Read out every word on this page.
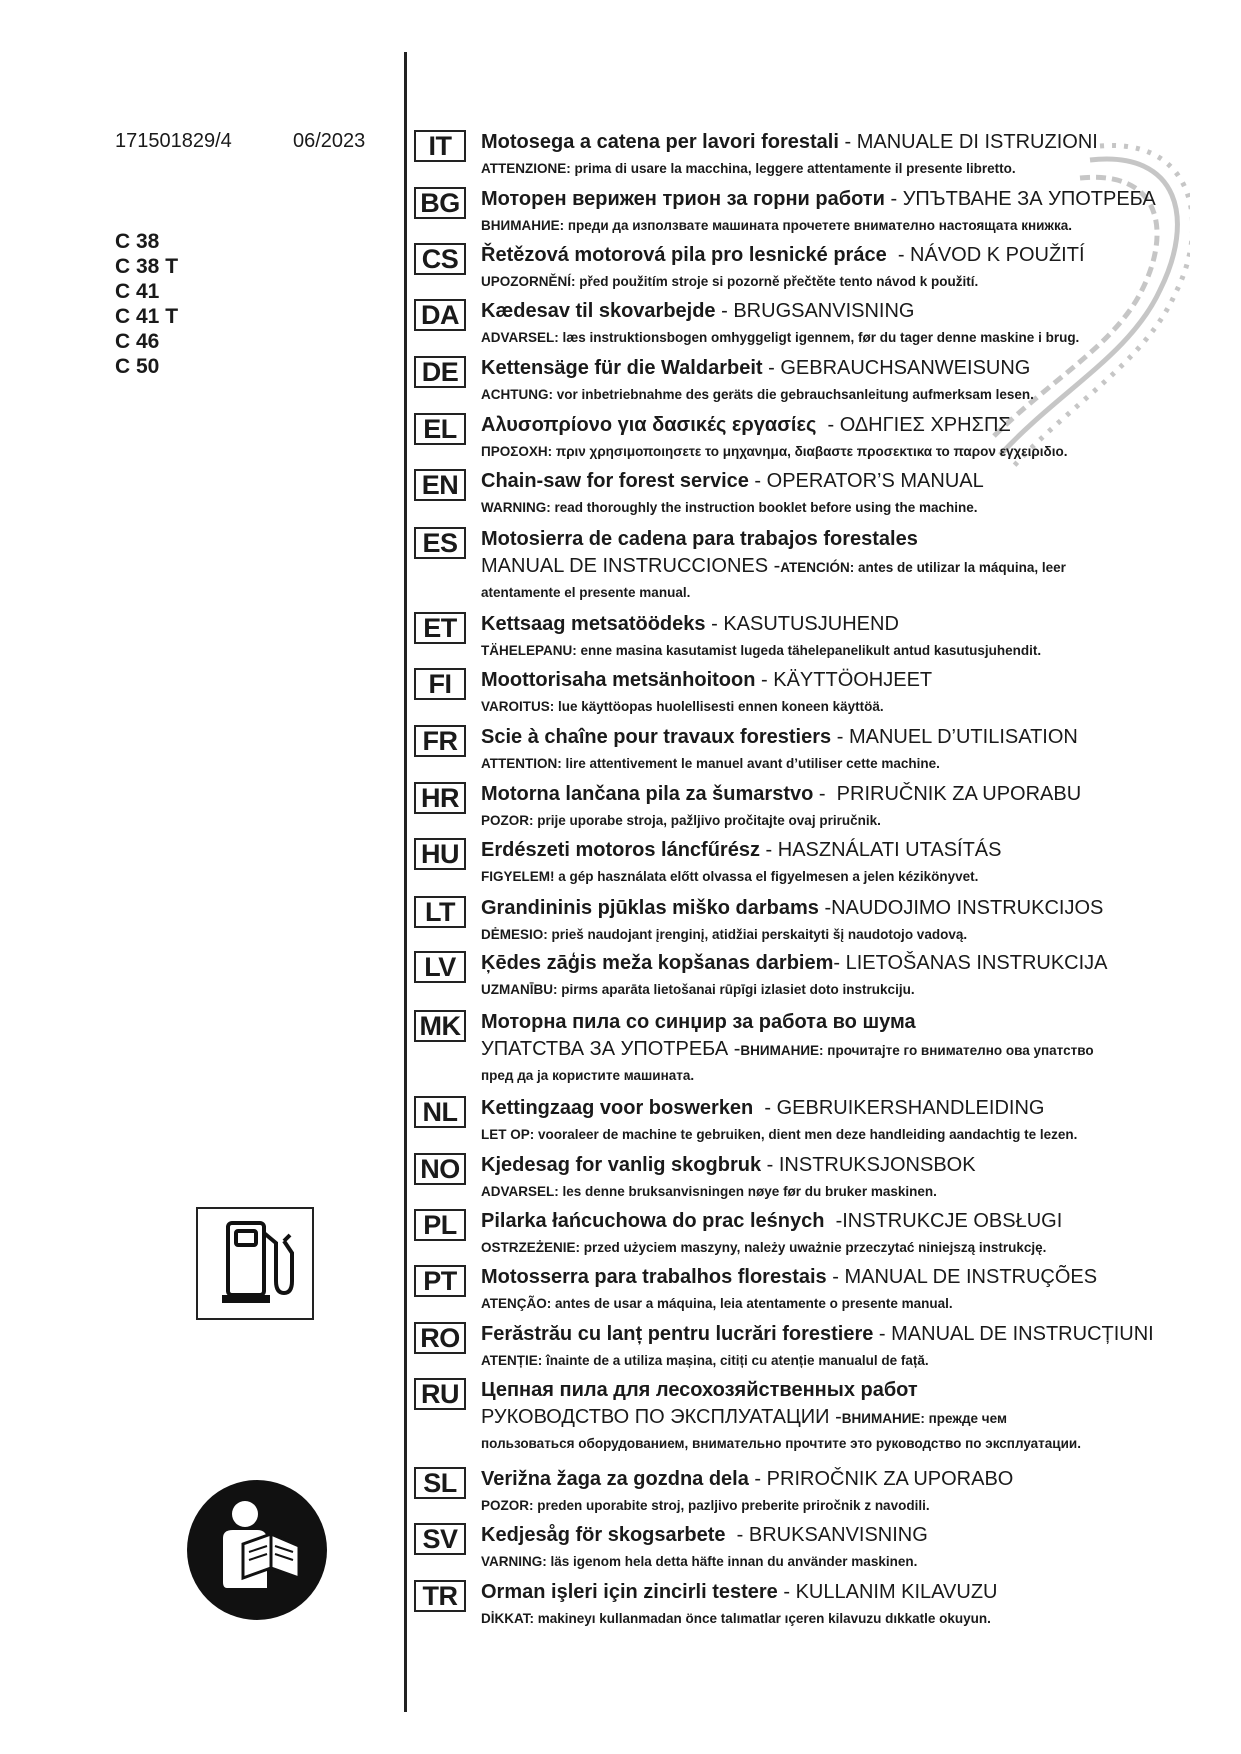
171501829/4	06/2023
C 38
C 38 T
C 41
C 41 T
C 46
C 50
IT	Motosega a catena per lavori forestali - MANUALE DI ISTRUZIONI
ATTENZIONE: prima di usare la macchina, leggere attentamente il presente libretto.
BG	Моторен верижен трион за горни работи - УПЪТВАНЕ ЗА УПОТРЕБА
ВНИМАНИЕ: преди да използвате машината прочетете внимателно настоящата книжка.
CS	Řetězová motorová pila pro lesnické práce  - NÁVOD K POUŽITÍ
UPOZORNĚNÍ: před použitím stroje si pozorně přečtěte tento návod k použití.
DA	Kædesav til skovarbejde - BRUGSANVISNING
ADVARSEL: læs instruktionsbogen omhyggeligt igennem, før du tager denne maskine i brug.
DE	Kettensäge für die Waldarbeit - GEBRAUCHSANWEISUNG
ACHTUNG: vor inbetriebnahme des geräts die gebrauchsanleitung aufmerksam lesen.
EL	Αλυσοπρίονο για δασικές εργασίες  - ΟΔΗΓΙΕΣ ΧΡΗΣΠΣ
ΠΡΟΣΟΧΗ: πριν χρησιμοποιησετε το μηχανημα, διαβαστε προσεκτικα το παρον εγχειριδιο.
EN	Chain-saw for forest service - OPERATOR’S MANUAL
WARNING: read thoroughly the instruction booklet before using the machine.
ES	Motosierra de cadena para trabajos forestales
MANUAL DE INSTRUCCIONES -ATENCIÓN: antes de utilizar la máquina, leer
atentamente el presente manual.
ET	Kettsaag metsatöödeks - KASUTUSJUHEND
TÄHELEPANU: enne masina kasutamist lugeda tähelepanelikult antud kasutusjuhendit.
FI	Moottorisaha metsänhoitoon - KÄYTTÖOHJEET
VAROITUS: lue käyttöopas huolellisesti ennen koneen käyttöä.
FR	Scie à chaîne pour travaux forestiers - MANUEL D’UTILISATION
ATTENTION: lire attentivement le manuel avant d’utiliser cette machine.
HR	Motorna lančana pila za šumarstvo -  PRIRUČNIK ZA UPORABU
POZOR: prije uporabe stroja, pažljivo pročitajte ovaj priručnik.
HU	Erdészeti motoros láncfűrész - HASZNÁLATI UTASÍTÁS
FIGYELEM! a gép használata előtt olvassa el figyelmesen a jelen kézikönyvet.
LT	Grandininis pjūklas miško darbams -NAUDOJIMO INSTRUKCIJOS
DĖMESIO: prieš naudojant įrenginį, atidžiai perskaityti šį naudotojo vadovą.
LV	Ķēdes zāģis meža kopšanas darbiem- LIETOŠANAS INSTRUKCIJA
UZMANĪBU: pirms aparāta lietošanai rūpīgi izlasiet doto instrukciju.
MK Моторна пила со синџир за работа во шума
УПАТСТВА ЗА УПОТРЕБА -ВНИМАНИЕ: прочитајте го внимателно ова упатство
пред да ја користите машината.
NL	Kettingzaag voor boswerken  - GEBRUIKERSHANDLEIDING
LET OP: vooraleer de machine te gebruiken, dient men deze handleiding aandachtig te lezen.
NO	Kjedesag for vanlig skogbruk - INSTRUKSJONSBOK
ADVARSEL: les denne bruksanvisningen nøye før du bruker maskinen.
PL	Pilarka łańcuchowa do prac leśnych  -INSTRUKCJE OBSŁUGI
OSTRZEŻENIE: przed użyciem maszyny, należy uważnie przeczytać niniejszą instrukcję.
PT	Motosserra para trabalhos florestais - MANUAL DE INSTRUÇÕES
ATENÇÃO: antes de usar a máquina, leia atentamente o presente manual.
RO	Ferăstrău cu lanț pentru lucrări forestiere - MANUAL DE INSTRUCȚIUNI
ATENȚIE: înainte de a utiliza mașina, citiți cu atenție manualul de față.
RU	Цепная пила для лесохозяйственных работ
РУКОВОДСТВО ПО ЭКСПЛУАТАЦИИ -ВНИМАНИЕ: прежде чем
пользоваться оборудованием, внимательно прочтите это руководство по эксплуатации.
SL	Verižna žaga za gozdna dela - PRIROČNIK ZA UPORABO
POZOR: preden uporabite stroj, pazljivo preberite priročnik z navodili.
SV	Kedjesåg för skogsarbete  - BRUKSANVISNING
VARNING: läs igenom hela detta häfte innan du använder maskinen.
TR	Orman işleri için zincirli testere - KULLANIM KILAVUZU
DİKKAT: makineyı kullanmadan önce talımatlar ıçeren kilavuzu dıkkatle okuyun.
